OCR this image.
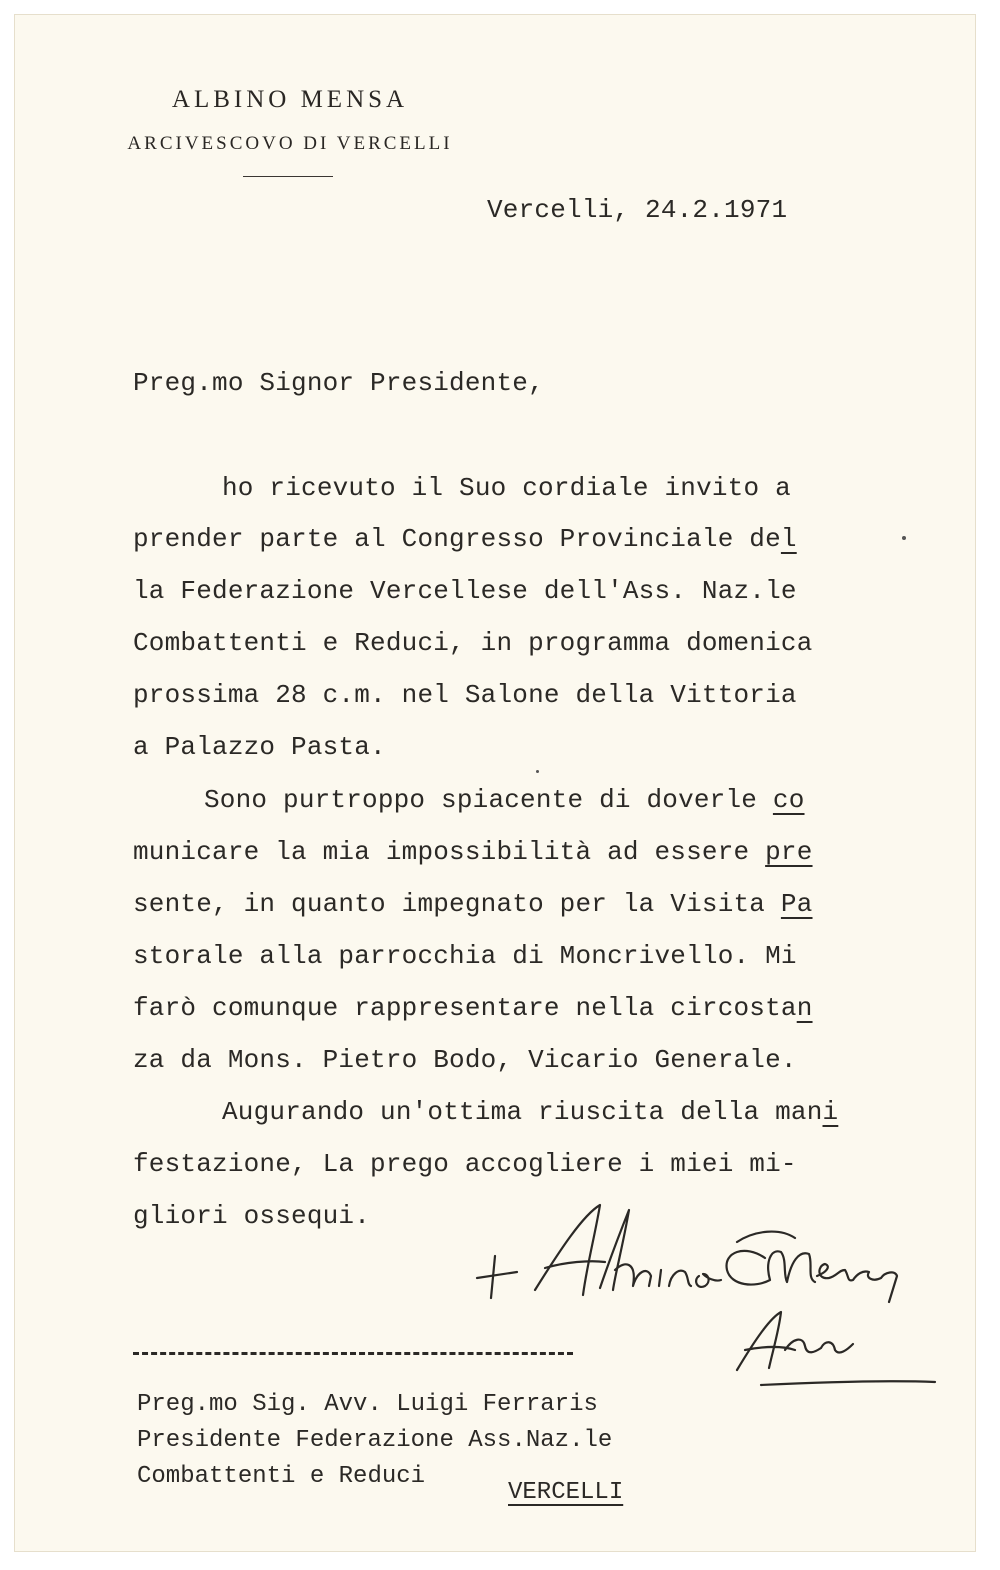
ALBINO MENSA
ARCIVESCOVO DI VERCELLI
Vercelli, 24.2.1971
Preg.mo Signor Presidente,
ho ricevuto il Suo cordiale invito a
prender parte al Congresso Provinciale del
la Federazione Vercellese dell'Ass. Naz.le
Combattenti e Reduci, in programma domenica
prossima 28 c.m. nel Salone della Vittoria
a Palazzo Pasta.
Sono purtroppo spiacente di doverle co
municare la mia impossibilità ad essere pre
sente, in quanto impegnato per la Visita Pa
storale alla parrocchia di Moncrivello. Mi
farò comunque rappresentare nella circostan
za da Mons. Pietro Bodo, Vicario Generale.
Augurando un'ottima riuscita della mani
festazione, La prego accogliere i miei mi-
gliori ossequi.
Preg.mo Sig. Avv. Luigi Ferraris
Presidente Federazione Ass.Naz.le
Combattenti e Reduci
VERCELLI
